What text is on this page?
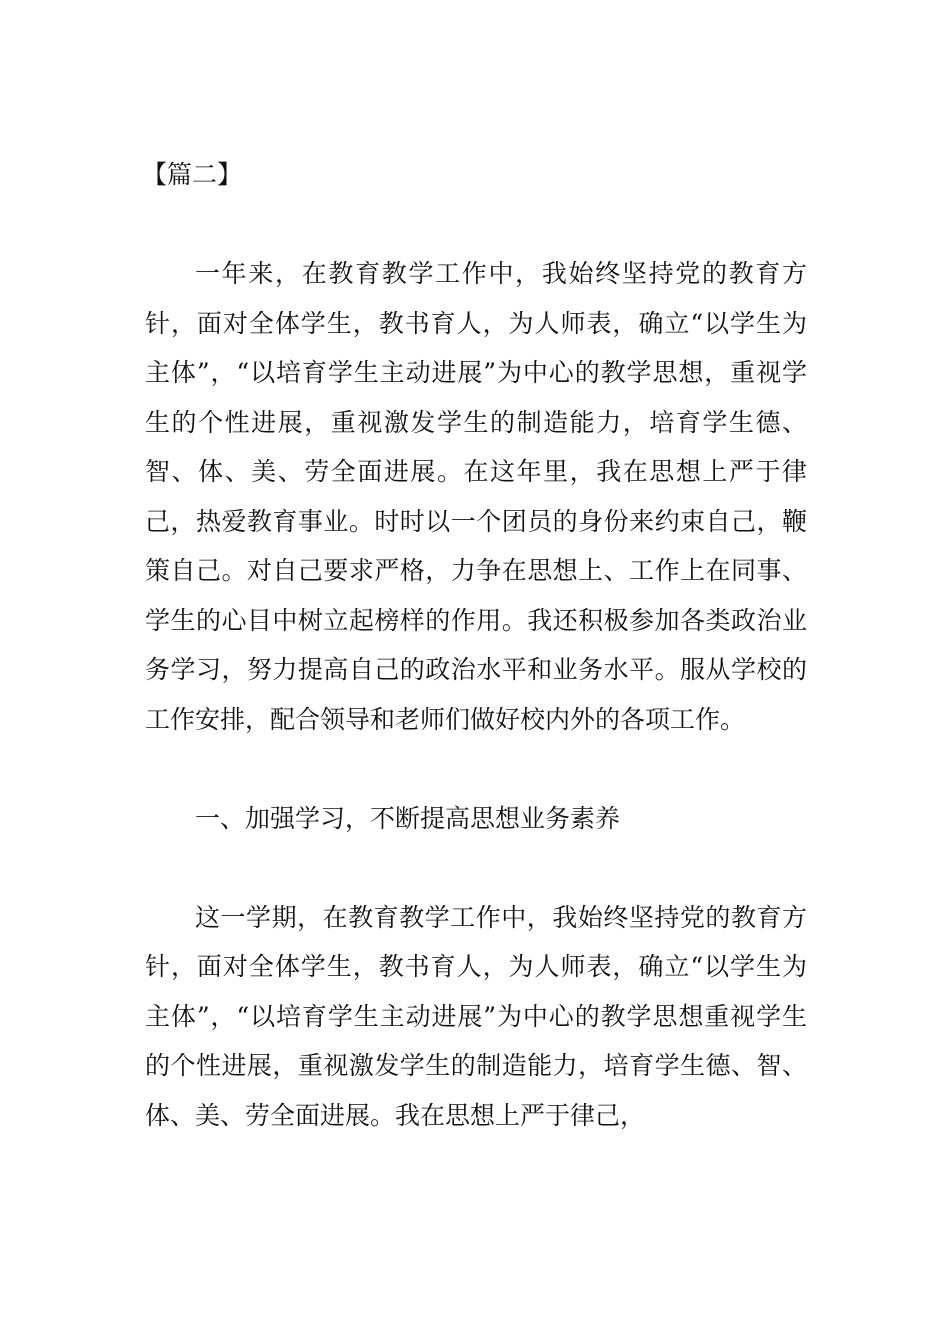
【篇二】

一年来，在教育教学工作中，我始终坚持党的教育方针，面对全体学生，教书育人，为人师表，确立“以学生为主体”，“以培育学生主动进展”为中心的教学思想，重视学生的个性进展，重视激发学生的制造能力，培育学生德、智、体、美、劳全面进展。在这年里，我在思想上严于律己，热爱教育事业。时时以一个团员的身份来约束自己，鞭策自己。对自己要求严格，力争在思想上、工作上在同事、学生的心目中树立起榜样的作用。我还积极参加各类政治业务学习，努力提高自己的政治水平和业务水平。服从学校的工作安排，配合领导和老师们做好校内外的各项工作。

一、加强学习，不断提高思想业务素养

这一学期，在教育教学工作中，我始终坚持党的教育方针，面对全体学生，教书育人，为人师表，确立“以学生为主体”，“以培育学生主动进展”为中心的教学思想重视学生的个性进展，重视激发学生的制造能力，培育学生德、智、体、美、劳全面进展。我在思想上严于律己，
